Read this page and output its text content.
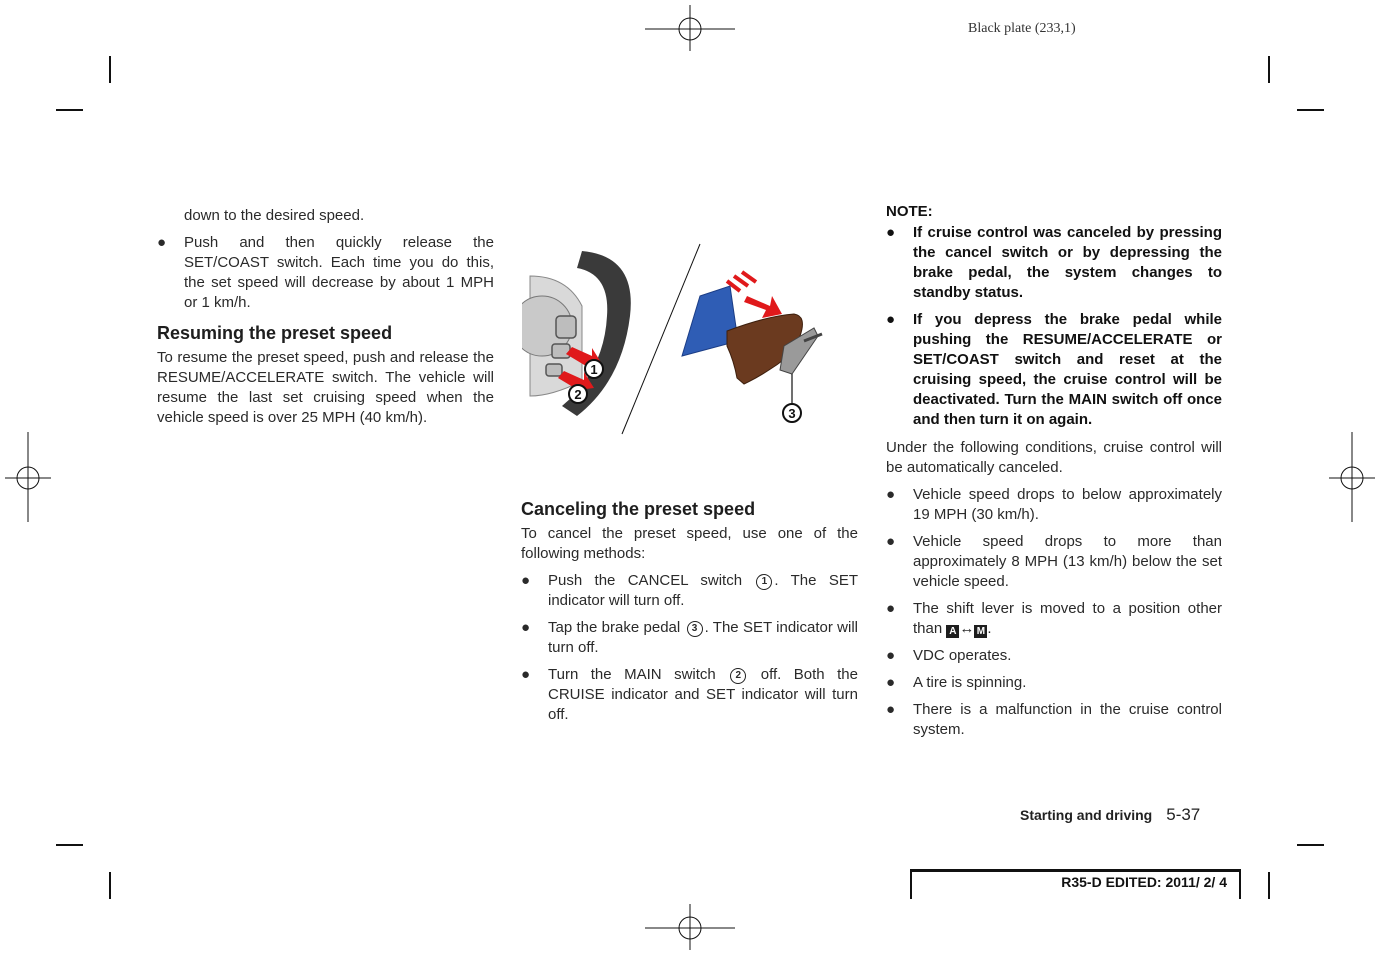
Black plate (233,1)

down to the desired speed.

● Push and then quickly release the SET/COAST switch. Each time you do this, the set speed will decrease by about 1 MPH or 1 km/h.

Resuming the preset speed

To resume the preset speed, push and release the RESUME/ACCELERATE switch. The vehicle will resume the last set cruising speed when the vehicle speed is over 25 MPH (40 km/h).

1
2
3

Canceling the preset speed

To cancel the preset speed, use one of the following methods:

● Push the CANCEL switch 1 . The SET indicator will turn off.
● Tap the brake pedal 3 . The SET indicator will turn off.
● Turn the MAIN switch 2 off. Both the CRUISE indicator and SET indicator will turn off.

NOTE:

● If cruise control was canceled by pressing the cancel switch or by depressing the brake pedal, the system changes to standby status.
● If you depress the brake pedal while pushing the RESUME/ACCELERATE or SET/COAST switch and reset at the cruising speed, the cruise control will be deactivated. Turn the MAIN switch off once and then turn it on again.

Under the following conditions, cruise control will be automatically canceled.

● Vehicle speed drops to below approximately 19 MPH (30 km/h).
● Vehicle speed drops to more than approximately 8 MPH (13 km/h) below the set vehicle speed.
● The shift lever is moved to a position other than A ↔ M .
● VDC operates.
● A tire is spinning.
● There is a malfunction in the cruise control system.
Starting and driving 5-37
R35-D EDITED: 2011/ 2/ 4
